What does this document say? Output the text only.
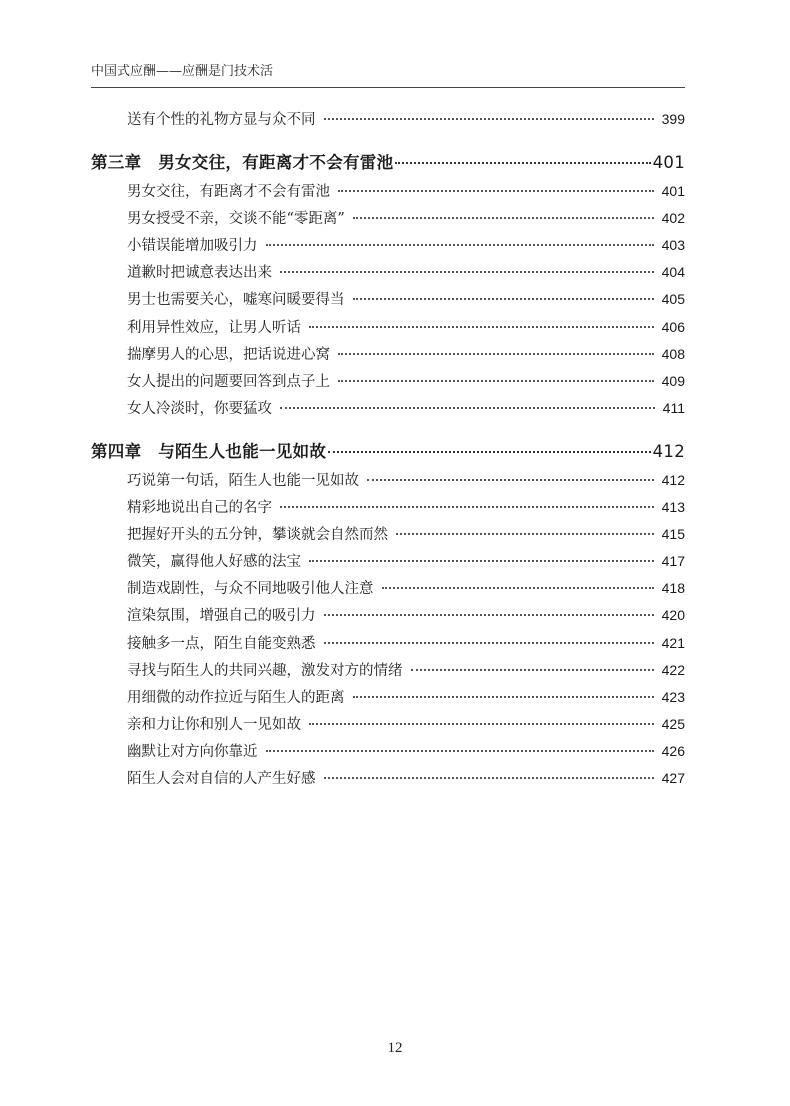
中国式应酬——应酬是门技术活
送有个性的礼物方显与众不同	399
第三章　男女交往，有距离才不会有雷池	401
男女交往，有距离才不会有雷池	401
男女授受不亲，交谈不能“零距离”	402
小错误能增加吸引力	403
道歉时把诚意表达出来	404
男士也需要关心，嘘寒问暖要得当	405
利用异性效应，让男人听话	406
揣摩男人的心思，把话说进心窝	408
女人提出的问题要回答到点子上	409
女人冷淡时，你要猛攻	411
第四章　与陌生人也能一见如故	412
巧说第一句话，陌生人也能一见如故	412
精彩地说出自己的名字	413
把握好开头的五分钟，攀谈就会自然而然	415
微笑，赢得他人好感的法宝	417
制造戏剧性，与众不同地吸引他人注意	418
渲染氛围，增强自己的吸引力	420
接触多一点，陌生自能变熟悉	421
寻找与陌生人的共同兴趣，激发对方的情绪	422
用细微的动作拉近与陌生人的距离	423
亲和力让你和别人一见如故	425
幽默让对方向你靠近	426
陌生人会对自信的人产生好感	427
12
